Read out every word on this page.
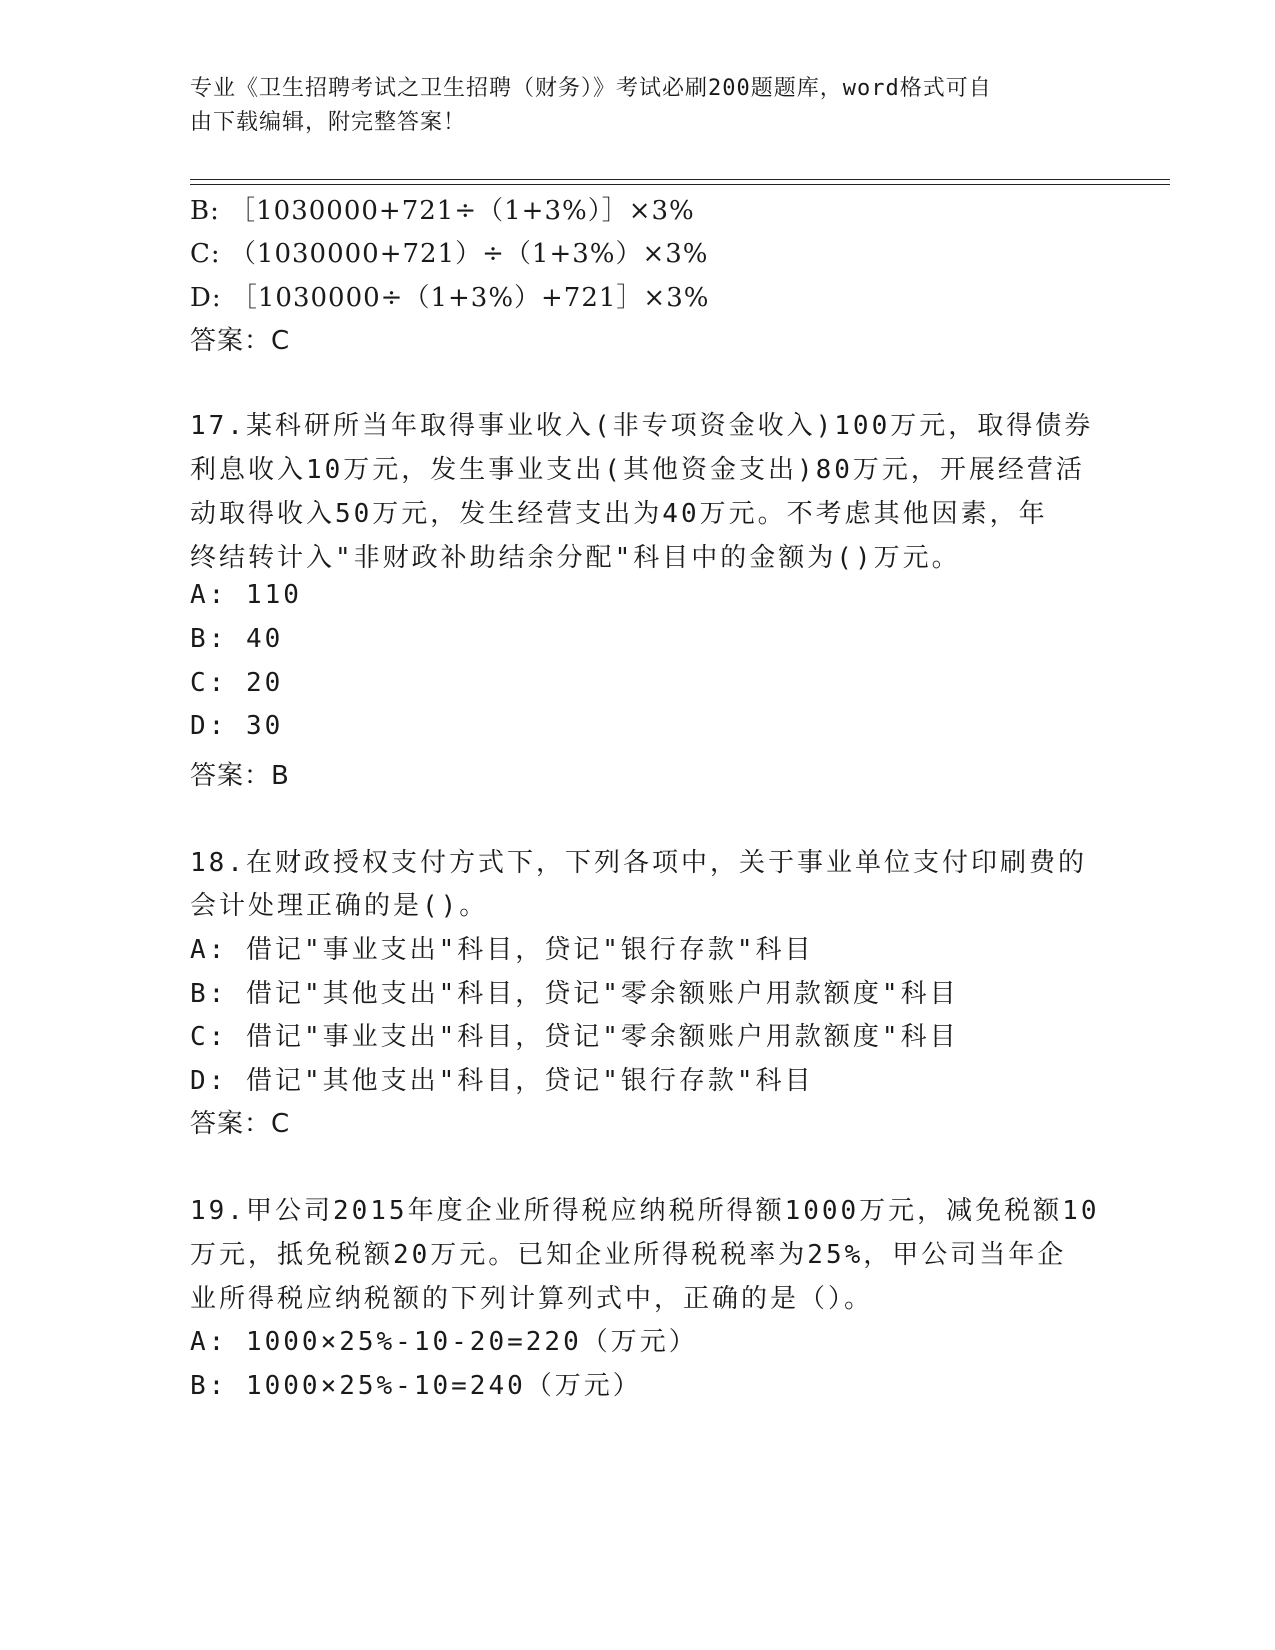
专业《卫生招聘考试之卫生招聘（财务）》考试必刷200题题库，word格式可自
由下载编辑，附完整答案！
B: ［1030000+721÷（1+3%）］×3%
C: （1030000+721）÷（1+3%）×3%
D: ［1030000÷（1+3%）+721］×3%
答案：C
17.某科研所当年取得事业收入(非专项资金收入)100万元，取得债券
利息收入10万元，发生事业支出(其他资金支出)80万元，开展经营活
动取得收入50万元，发生经营支出为40万元。不考虑其他因素，年
终结转计入"非财政补助结余分配"科目中的金额为()万元。
A: 110
B: 40
C: 20
D: 30
答案：B
18.在财政授权支付方式下，下列各项中，关于事业单位支付印刷费的
会计处理正确的是()。
A: 借记"事业支出"科目，贷记"银行存款"科目
B: 借记"其他支出"科目，贷记"零余额账户用款额度"科目
C: 借记"事业支出"科目，贷记"零余额账户用款额度"科目
D: 借记"其他支出"科目，贷记"银行存款"科目
答案：C
19.甲公司2015年度企业所得税应纳税所得额1000万元，减免税额10
万元，抵免税额20万元。已知企业所得税税率为25%，甲公司当年企
业所得税应纳税额的下列计算列式中，正确的是（）。
A: 1000×25%-10-20=220（万元）
B: 1000×25%-10=240（万元）
